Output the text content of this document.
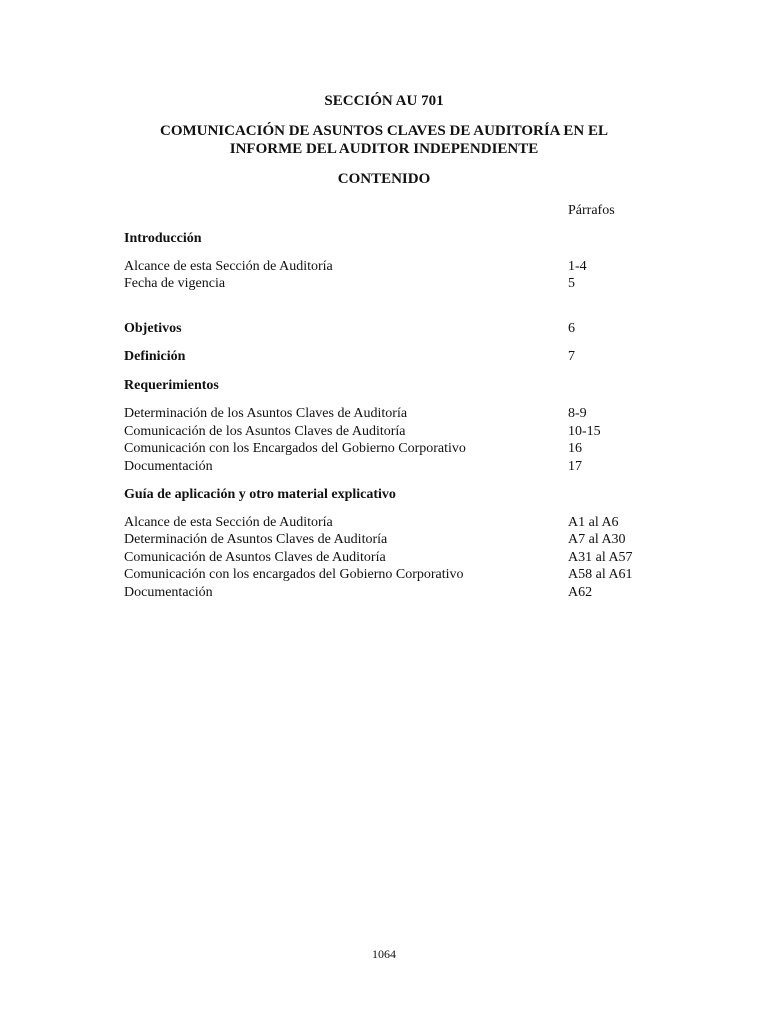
SECCIÓN AU 701
COMUNICACIÓN DE ASUNTOS CLAVES DE AUDITORÍA EN EL
INFORME DEL AUDITOR INDEPENDIENTE
CONTENIDO
Párrafos
Introducción
Alcance de esta Sección de Auditoría	1-4
Fecha de vigencia	5
Objetivos	6
Definición	7
Requerimientos
Determinación de los Asuntos Claves de Auditoría	8-9
Comunicación de los Asuntos Claves de Auditoría	10-15
Comunicación con los Encargados del Gobierno Corporativo	16
Documentación	17
Guía de aplicación y otro material explicativo
Alcance de esta Sección de Auditoría	A1 al A6
Determinación de Asuntos Claves de Auditoría	A7 al A30
Comunicación de Asuntos Claves de Auditoría	A31 al A57
Comunicación con los encargados del Gobierno Corporativo	A58 al A61
Documentación	A62
1064
